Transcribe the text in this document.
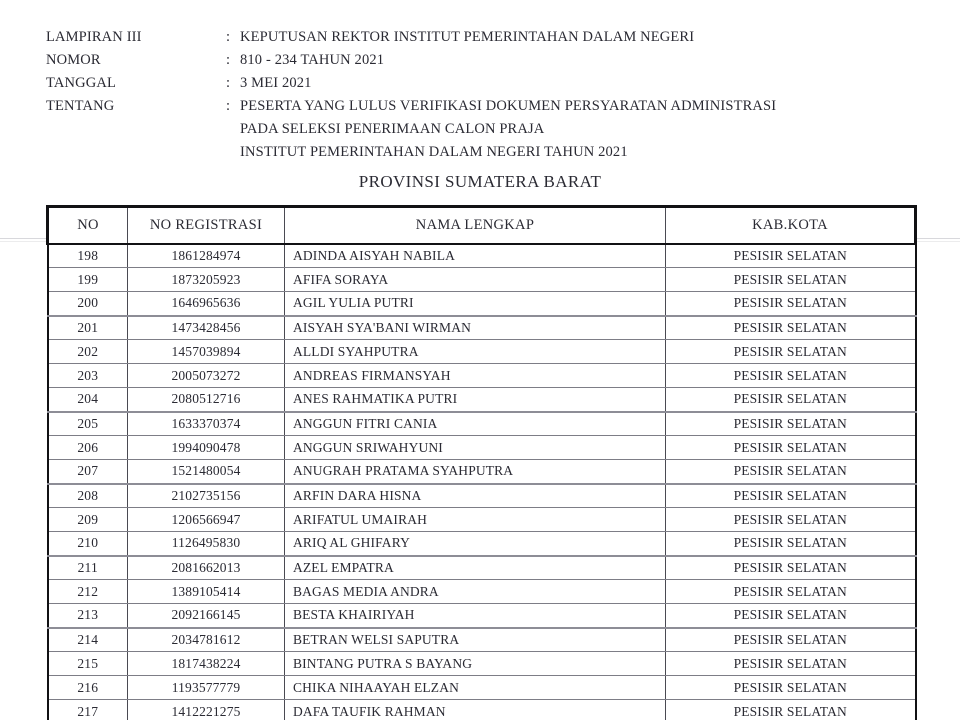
LAMPIRAN III	: KEPUTUSAN REKTOR INSTITUT PEMERINTAHAN DALAM NEGERI
NOMOR	: 810 - 234 TAHUN 2021
TANGGAL	: 3 MEI 2021
TENTANG	: PESERTA YANG LULUS VERIFIKASI DOKUMEN PERSYARATAN ADMINISTRASI
PADA SELEKSI PENERIMAAN CALON PRAJA
INSTITUT PEMERINTAHAN DALAM NEGERI TAHUN 2021
PROVINSI SUMATERA BARAT
NO	NO REGISTRASI	NAMA LENGKAP	KAB.KOTA
198	1861284974	ADINDA AISYAH NABILA	PESISIR SELATAN
199	1873205923	AFIFA SORAYA	PESISIR SELATAN
200	1646965636	AGIL YULIA PUTRI	PESISIR SELATAN
201	1473428456	AISYAH SYA'BANI WIRMAN	PESISIR SELATAN
202	1457039894	ALLDI SYAHPUTRA	PESISIR SELATAN
203	2005073272	ANDREAS FIRMANSYAH	PESISIR SELATAN
204	2080512716	ANES RAHMATIKA PUTRI	PESISIR SELATAN
205	1633370374	ANGGUN FITRI CANIA	PESISIR SELATAN
206	1994090478	ANGGUN SRIWAHYUNI	PESISIR SELATAN
207	1521480054	ANUGRAH PRATAMA SYAHPUTRA	PESISIR SELATAN
208	2102735156	ARFIN DARA HISNA	PESISIR SELATAN
209	1206566947	ARIFATUL UMAIRAH	PESISIR SELATAN
210	1126495830	ARIQ AL GHIFARY	PESISIR SELATAN
211	2081662013	AZEL EMPATRA	PESISIR SELATAN
212	1389105414	BAGAS MEDIA ANDRA	PESISIR SELATAN
213	2092166145	BESTA KHAIRIYAH	PESISIR SELATAN
214	2034781612	BETRAN WELSI SAPUTRA	PESISIR SELATAN
215	1817438224	BINTANG PUTRA S BAYANG	PESISIR SELATAN
216	1193577779	CHIKA NIHAAYAH ELZAN	PESISIR SELATAN
217	1412221275	DAFA TAUFIK RAHMAN	PESISIR SELATAN
